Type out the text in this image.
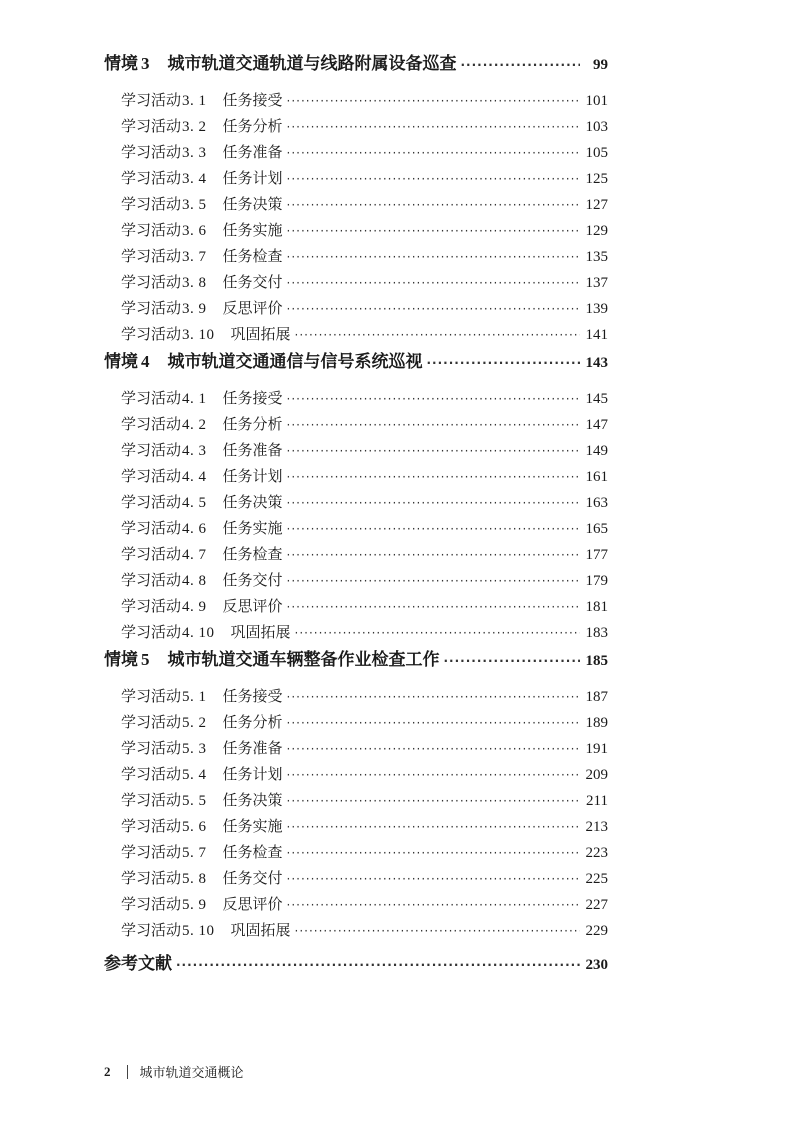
情境 3 城市轨道交通轨道与线路附属设备巡查 ·····	99
学习活动 3. 1 任务接受 ·····	101
学习活动 3. 2 任务分析 ·····	103
学习活动 3. 3 任务准备 ·····	105
学习活动 3. 4 任务计划 ·····	125
学习活动 3. 5 任务决策 ·····	127
学习活动 3. 6 任务实施 ·····	129
学习活动 3. 7 任务检查 ·····	135
学习活动 3. 8 任务交付 ·····	137
学习活动 3. 9 反思评价 ·····	139
学习活动 3. 10 巩固拓展 ·····	141
情境 4 城市轨道交通通信与信号系统巡视 ·····	143
学习活动 4. 1 任务接受 ·····	145
学习活动 4. 2 任务分析 ·····	147
学习活动 4. 3 任务准备 ·····	149
学习活动 4. 4 任务计划 ·····	161
学习活动 4. 5 任务决策 ·····	163
学习活动 4. 6 任务实施 ·····	165
学习活动 4. 7 任务检查 ·····	177
学习活动 4. 8 任务交付 ·····	179
学习活动 4. 9 反思评价 ·····	181
学习活动 4. 10 巩固拓展 ·····	183
情境 5 城市轨道交通车辆整备作业检查工作 ·····	185
学习活动 5. 1 任务接受 ·····	187
学习活动 5. 2 任务分析 ·····	189
学习活动 5. 3 任务准备 ·····	191
学习活动 5. 4 任务计划 ·····	209
学习活动 5. 5 任务决策 ·····	211
学习活动 5. 6 任务实施 ·····	213
学习活动 5. 7 任务检查 ·····	223
学习活动 5. 8 任务交付 ·····	225
学习活动 5. 9 反思评价 ·····	227
学习活动 5. 10 巩固拓展 ·····	229
参考文献 ·····	230
2 城市轨道交通概论
